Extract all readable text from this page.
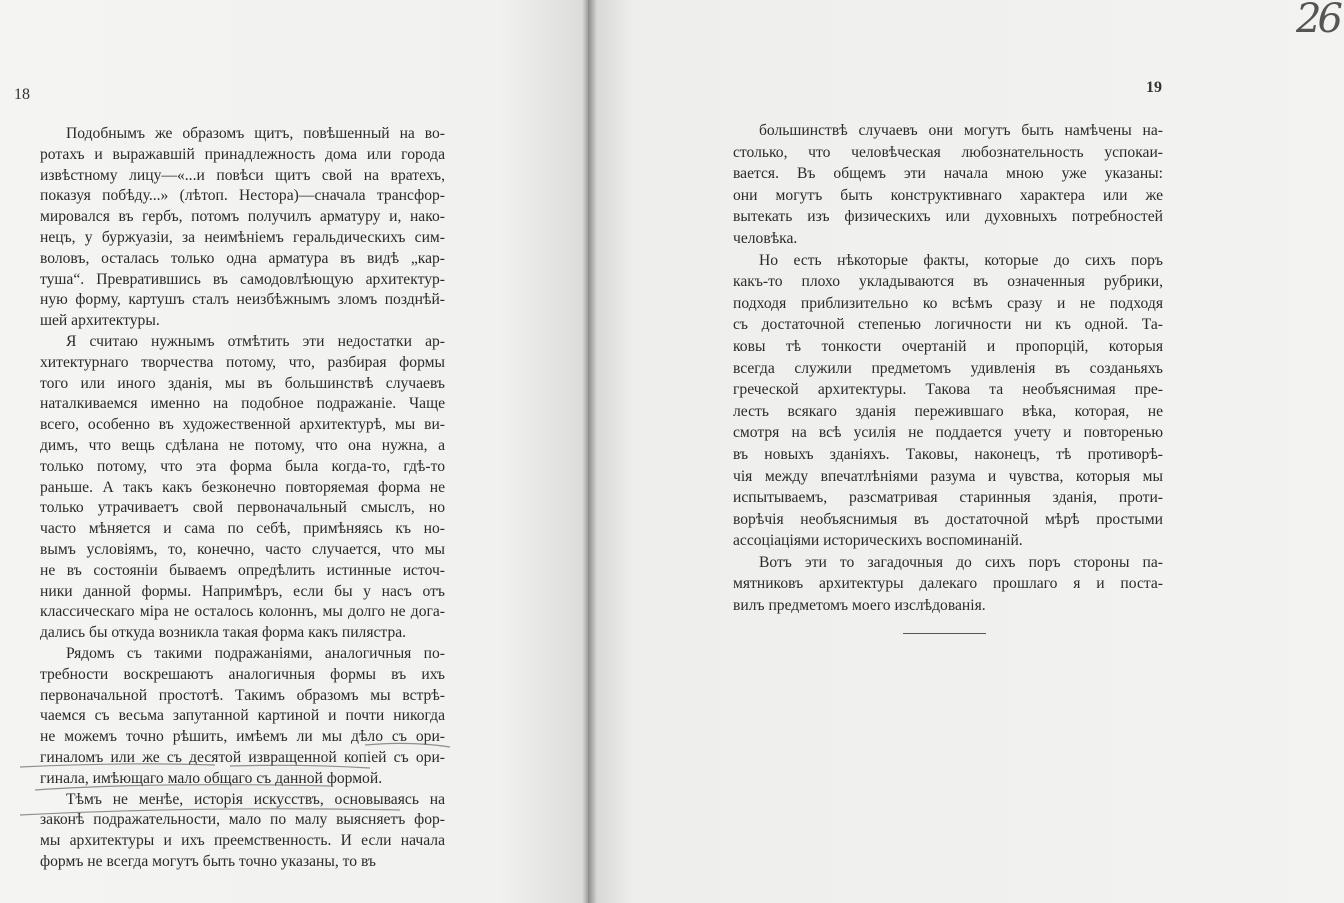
18
Подобнымъ же образомъ щитъ, повѣшенный на во-
ротахъ и выражавшій принадлежность дома или города
извѣстному лицу—«...и повѣси щитъ свой на вратехъ,
показуя побѣду...» (лѣтоп. Нестора)—сначала трансфор-
мировался въ гербъ, потомъ получилъ арматуру и, нако-
нецъ, у буржуазіи, за неимѣніемъ геральдическихъ сим-
воловъ, осталась только одна арматура въ видѣ „кар-
туша“. Превратившись въ самодовлѣющую архитектур-
ную форму, картушъ сталъ неизбѣжнымъ зломъ позднѣй-
шей архитектуры.
Я считаю нужнымъ отмѣтить эти недостатки ар-
хитектурнаго творчества потому, что, разбирая формы
того или иного зданія, мы въ большинствѣ случаевъ
наталкиваемся именно на подобное подражаніе. Чаще
всего, особенно въ художественной архитектурѣ, мы ви-
димъ, что вещь сдѣлана не потому, что она нужна, а
только потому, что эта форма была когда-то, гдѣ-то
раньше. А такъ какъ безконечно повторяемая форма не
только утрачиваетъ свой первоначальный смыслъ, но
часто мѣняется и сама по себѣ, примѣняясь къ но-
вымъ условіямъ, то, конечно, часто случается, что мы
не въ состояніи бываемъ опредѣлить истинные источ-
ники данной формы. Напримѣръ, если бы у насъ отъ
классическаго міра не осталось колоннъ, мы долго не дога-
дались бы откуда возникла такая форма какъ пилястра.
Рядомъ съ такими подражаніями, аналогичныя по-
требности воскрешаютъ аналогичныя формы въ ихъ
первоначальной простотѣ. Такимъ образомъ мы встрѣ-
чаемся съ весьма запутанной картиной и почти никогда
не можемъ точно рѣшить, имѣемъ ли мы дѣло съ ори-
гиналомъ или же съ десятой извращенной копіей съ ори-
гинала, имѣющаго мало общаго съ данной формой.
Тѣмъ не менѣе, исторія искусствъ, основываясь на
законѣ подражательности, мало по малу выясняетъ фор-
мы архитектуры и ихъ преемственность. И если начала
формъ не всегда могутъ быть точно указаны, то въ
19
большинствѣ случаевъ они могутъ быть намѣчены на-
столько, что человѣческая любознательность успокаи-
вается. Въ общемъ эти начала мною уже указаны:
они могутъ быть конструктивнаго характера или же
вытекать изъ физическихъ или духовныхъ потребностей
человѣка.
Но есть нѣкоторые факты, которые до сихъ поръ
какъ-то плохо укладываются въ означенныя рубрики,
подходя приблизительно ко всѣмъ сразу и не подходя
съ достаточной степенью логичности ни къ одной. Та-
ковы тѣ тонкости очертаній и пропорцій, которыя
всегда служили предметомъ удивленія въ созданьяхъ
греческой архитектуры. Такова та необъяснимая пре-
лесть всякаго зданія пережившаго вѣка, которая, не
смотря на всѣ усилія не поддается учету и повторенью
въ новыхъ зданіяхъ. Таковы, наконецъ, тѣ противорѣ-
чія между впечатлѣніями разума и чувства, которыя мы
испытываемъ, разсматривая старинныя зданія, проти-
ворѣчія необъяснимыя въ достаточной мѣрѣ простыми
ассоціаціями историческихъ воспоминаній.
Вотъ эти то загадочныя до сихъ поръ стороны па-
мятниковъ архитектуры далекаго прошлаго я и поста-
вилъ предметомъ моего изслѣдованія.
26
